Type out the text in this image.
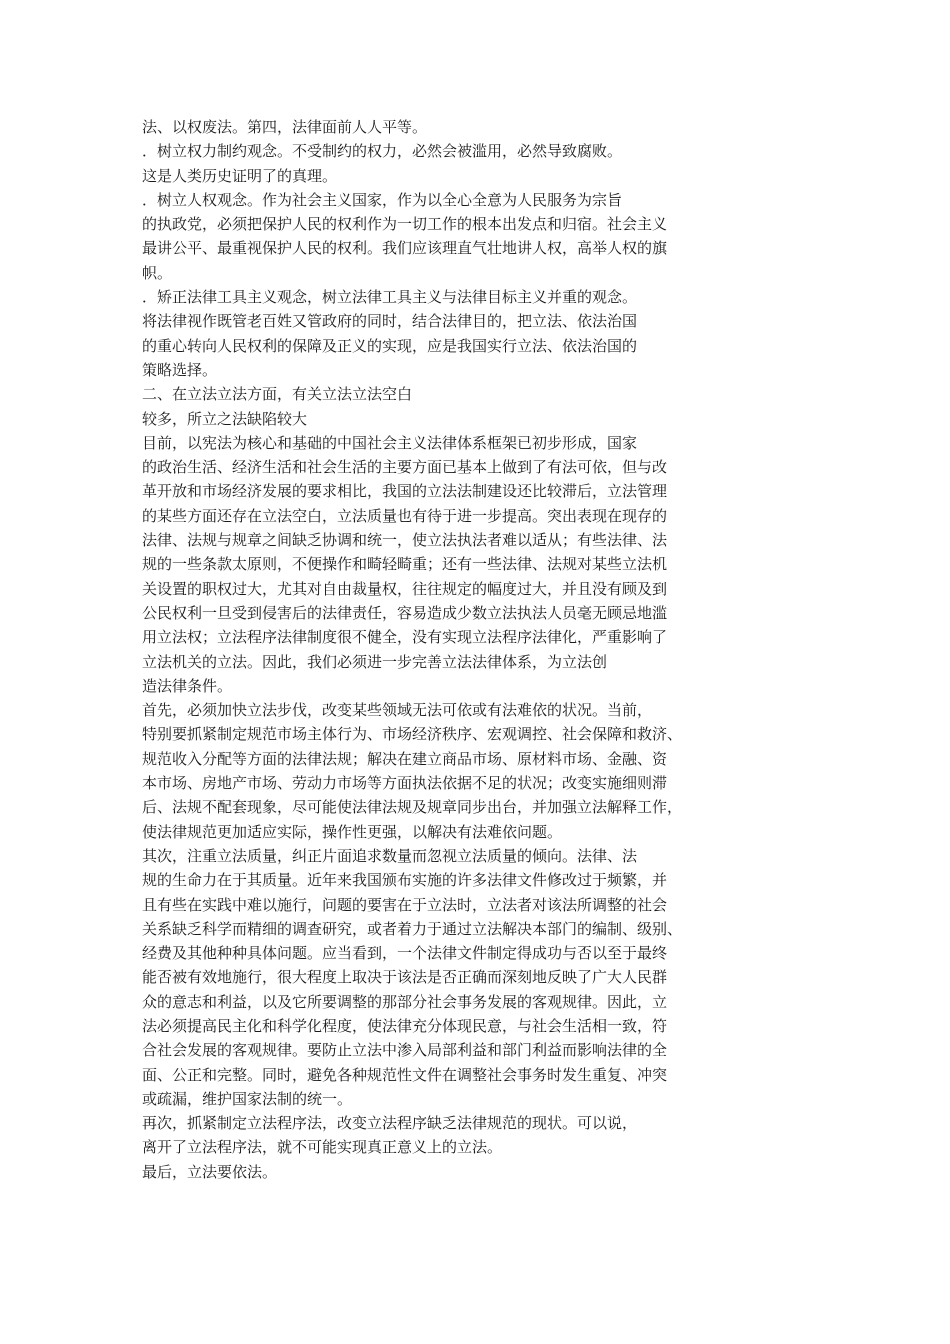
法、以权废法。第四，法律面前人人平等。
．树立权力制约观念。不受制约的权力，必然会被滥用，必然导致腐败。
这是人类历史证明了的真理。
．树立人权观念。作为社会主义国家，作为以全心全意为人民服务为宗旨
的执政党，必须把保护人民的权利作为一切工作的根本出发点和归宿。社会主义
最讲公平、最重视保护人民的权利。我们应该理直气壮地讲人权，高举人权的旗
帜。
．矫正法律工具主义观念，树立法律工具主义与法律目标主义并重的观念。
将法律视作既管老百姓又管政府的同时，结合法律目的，把立法、依法治国
的重心转向人民权利的保障及正义的实现，应是我国实行立法、依法治国的
策略选择。
二、在立法立法方面，有关立法立法空白
较多，所立之法缺陷较大
目前，以宪法为核心和基础的中国社会主义法律体系框架已初步形成，国家
的政治生活、经济生活和社会生活的主要方面已基本上做到了有法可依，但与改
革开放和市场经济发展的要求相比，我国的立法法制建设还比较滞后，立法管理
的某些方面还存在立法空白，立法质量也有待于进一步提高。突出表现在现存的
法律、法规与规章之间缺乏协调和统一，使立法执法者难以适从；有些法律、法
规的一些条款太原则，不便操作和畸轻畸重；还有一些法律、法规对某些立法机
关设置的职权过大，尤其对自由裁量权，往往规定的幅度过大，并且没有顾及到
公民权利一旦受到侵害后的法律责任，容易造成少数立法执法人员毫无顾忌地滥
用立法权；立法程序法律制度很不健全，没有实现立法程序法律化，严重影响了
立法机关的立法。因此，我们必须进一步完善立法法律体系，为立法创
造法律条件。
首先，必须加快立法步伐，改变某些领域无法可依或有法难依的状况。当前，
特别要抓紧制定规范市场主体行为、市场经济秩序、宏观调控、社会保障和救济、
规范收入分配等方面的法律法规；解决在建立商品市场、原材料市场、金融、资
本市场、房地产市场、劳动力市场等方面执法依据不足的状况；改变实施细则滞
后、法规不配套现象，尽可能使法律法规及规章同步出台，并加强立法解释工作，
使法律规范更加适应实际，操作性更强，以解决有法难依问题。
其次，注重立法质量，纠正片面追求数量而忽视立法质量的倾向。法律、法
规的生命力在于其质量。近年来我国颁布实施的许多法律文件修改过于频繁，并
且有些在实践中难以施行，问题的要害在于立法时，立法者对该法所调整的社会
关系缺乏科学而精细的调查研究，或者着力于通过立法解决本部门的编制、级别、
经费及其他种种具体问题。应当看到，一个法律文件制定得成功与否以至于最终
能否被有效地施行，很大程度上取决于该法是否正确而深刻地反映了广大人民群
众的意志和利益，以及它所要调整的那部分社会事务发展的客观规律。因此，立
法必须提高民主化和科学化程度，使法律充分体现民意，与社会生活相一致，符
合社会发展的客观规律。要防止立法中渗入局部利益和部门利益而影响法律的全
面、公正和完整。同时，避免各种规范性文件在调整社会事务时发生重复、冲突
或疏漏，维护国家法制的统一。
再次，抓紧制定立法程序法，改变立法程序缺乏法律规范的现状。可以说，
离开了立法程序法，就不可能实现真正意义上的立法。
最后，立法要依法。
